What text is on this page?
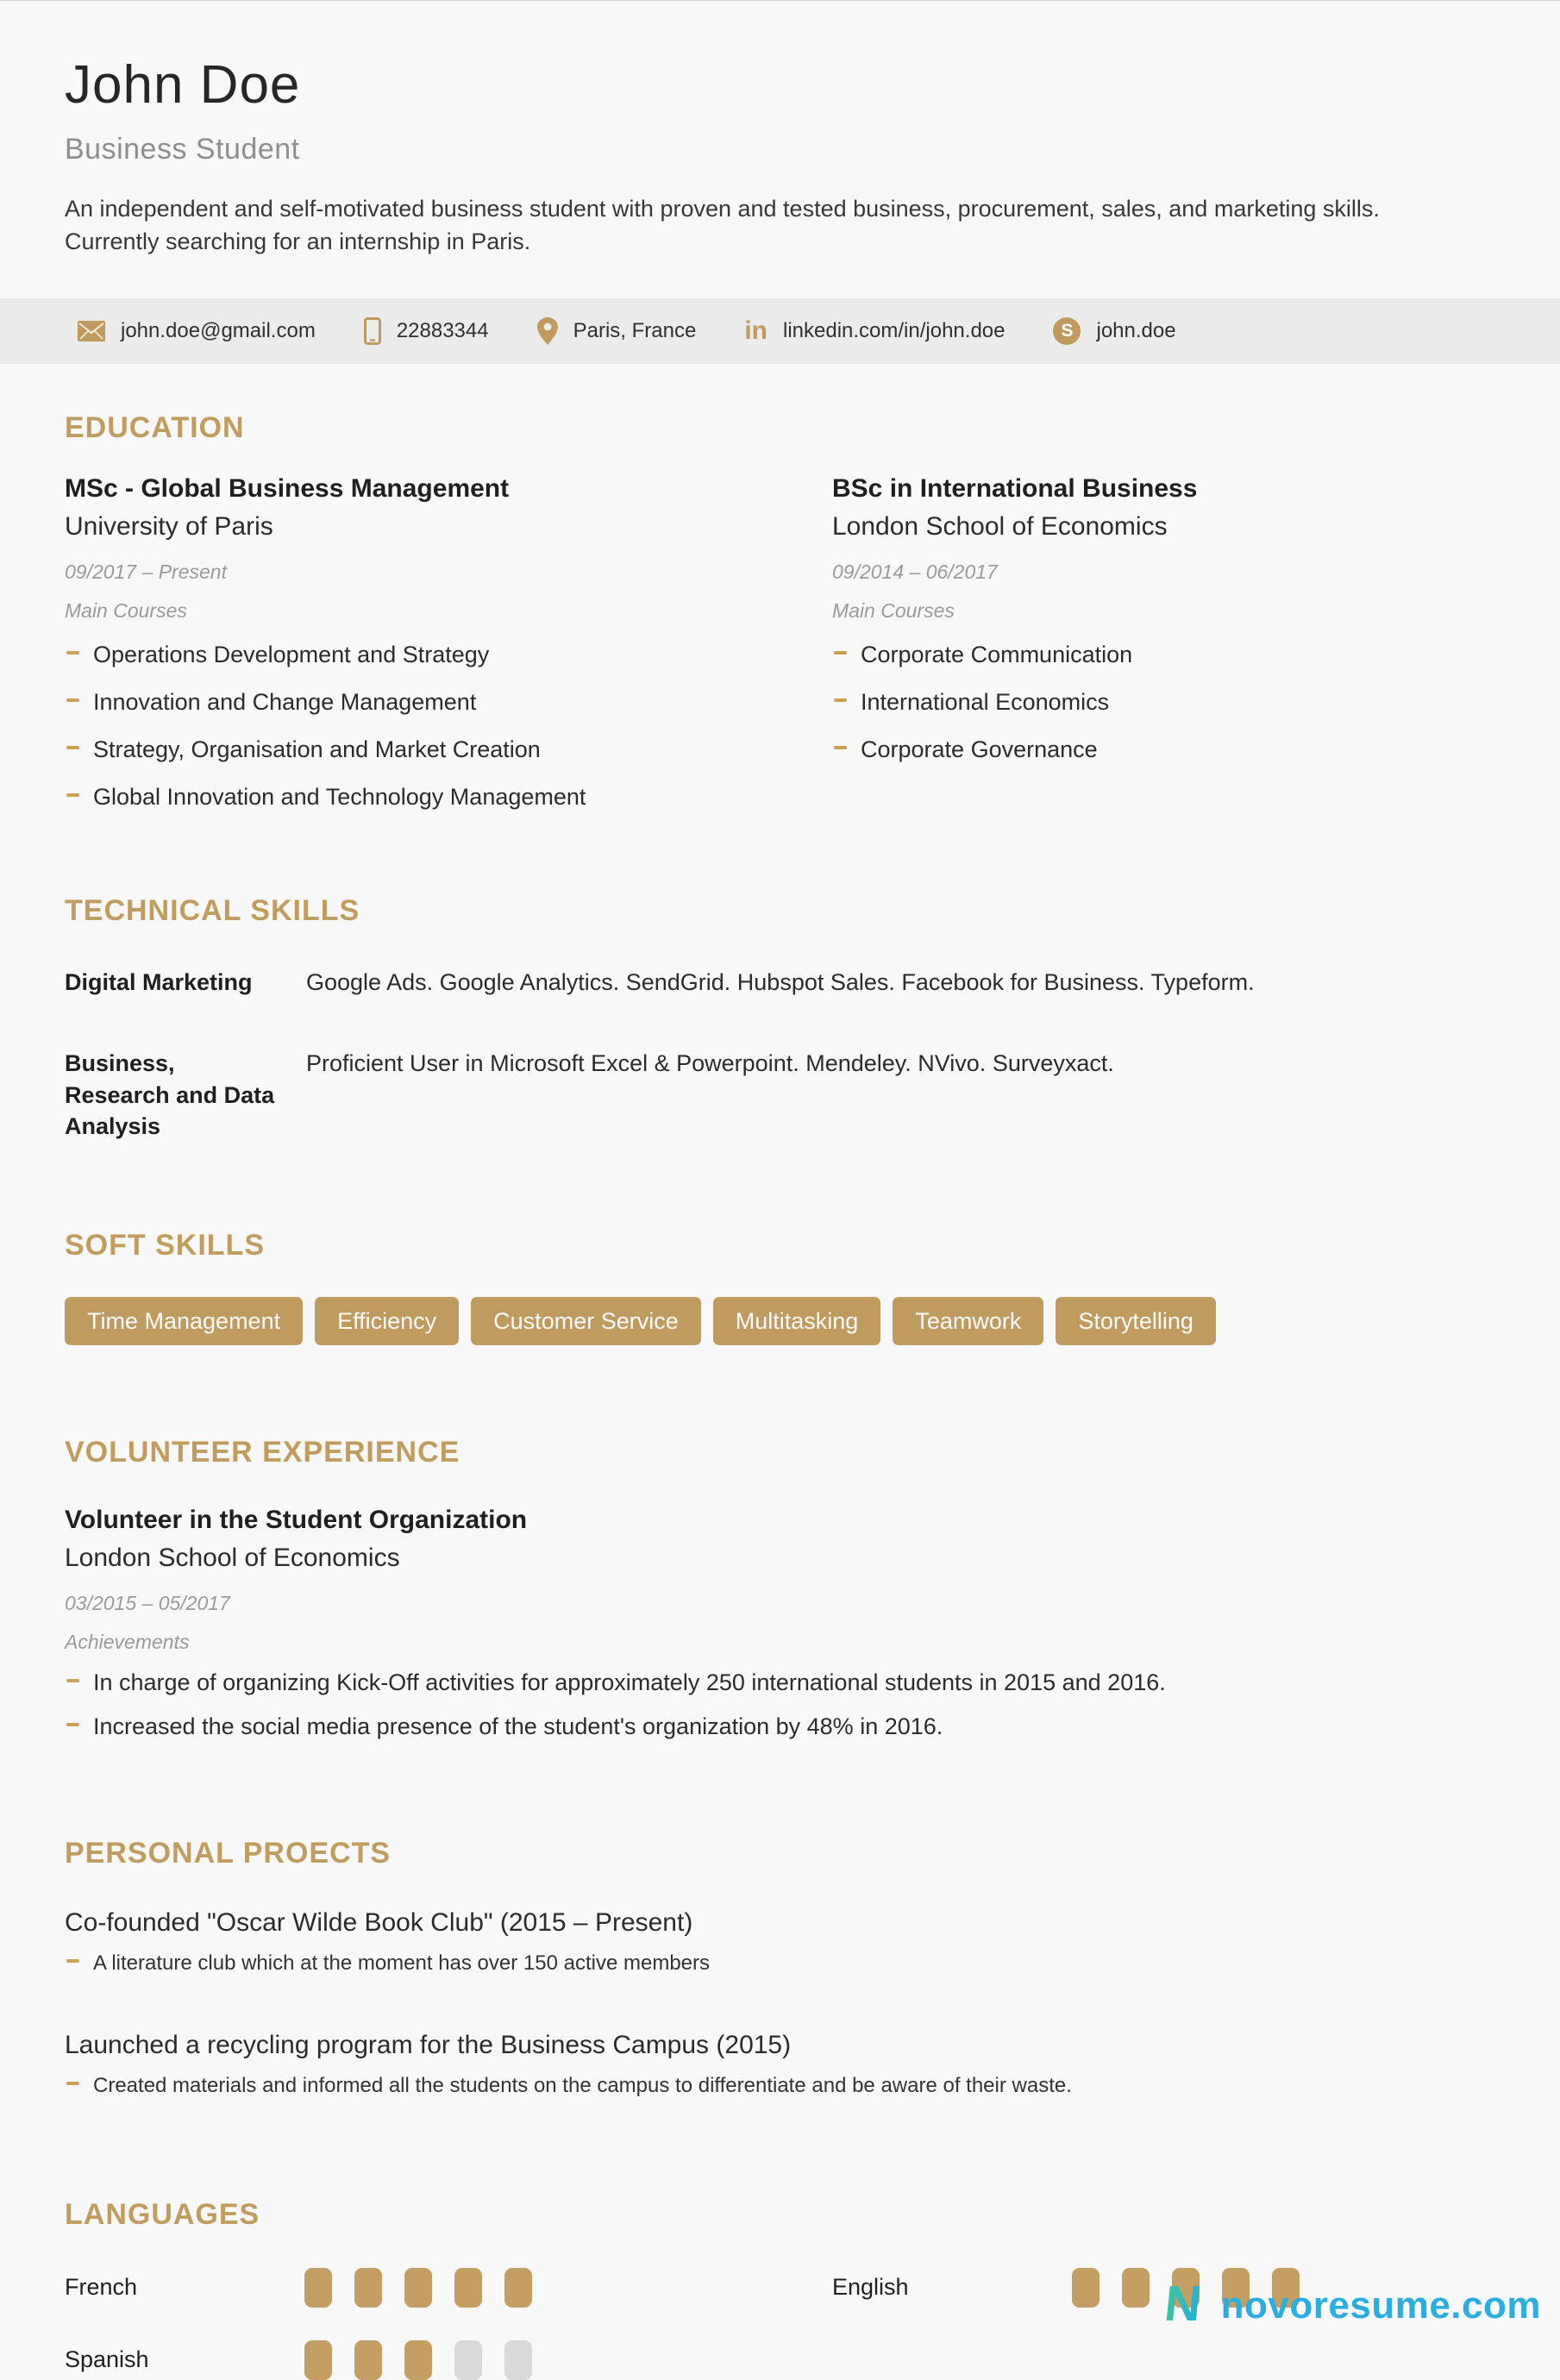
John Doe
Business Student

An independent and self-motivated business student with proven and tested business, procurement, sales, and marketing skills. Currently searching for an internship in Paris.

john.doe@gmail.com	22883344	Paris, France in linkedin.com/in/john.doe	S	john.doe
EDUCATION
MSc - Global Business Management
University of Paris
09/2017 – Present
Main Courses
Operations Development and Strategy
Innovation and Change Management
Strategy, Organisation and Market Creation
Global Innovation and Technology Management
BSc in International Business
London School of Economics
09/2014 – 06/2017
Main Courses
Corporate Communication
International Economics
Corporate Governance
TECHNICAL SKILLS
Digital Marketing	Google Ads. Google Analytics. SendGrid. Hubspot Sales. Facebook for Business. Typeform.
Business, Research and Data Analysis
Proficient User in Microsoft Excel & Powerpoint. Mendeley. NVivo. Surveyxact.
SOFT SKILLS
Time Management	Efficiency	Customer Service	Multitasking	Teamwork	Storytelling
VOLUNTEER EXPERIENCE
Volunteer in the Student Organization
London School of Economics
03/2015 – 05/2017
Achievements
In charge of organizing Kick-Off activities for approximately 250 international students in 2015 and 2016.
Increased the social media presence of the student's organization by 48% in 2016.
PERSONAL PROECTS
Co-founded "Oscar Wilde Book Club" (2015 – Present)
A literature club which at the moment has over 150 active members
Launched a recycling program for the Business Campus (2015)
Created materials and informed all the students on the campus to differentiate and be aware of their waste.
LANGUAGES
French	English
Spanish
N novoresume.com
